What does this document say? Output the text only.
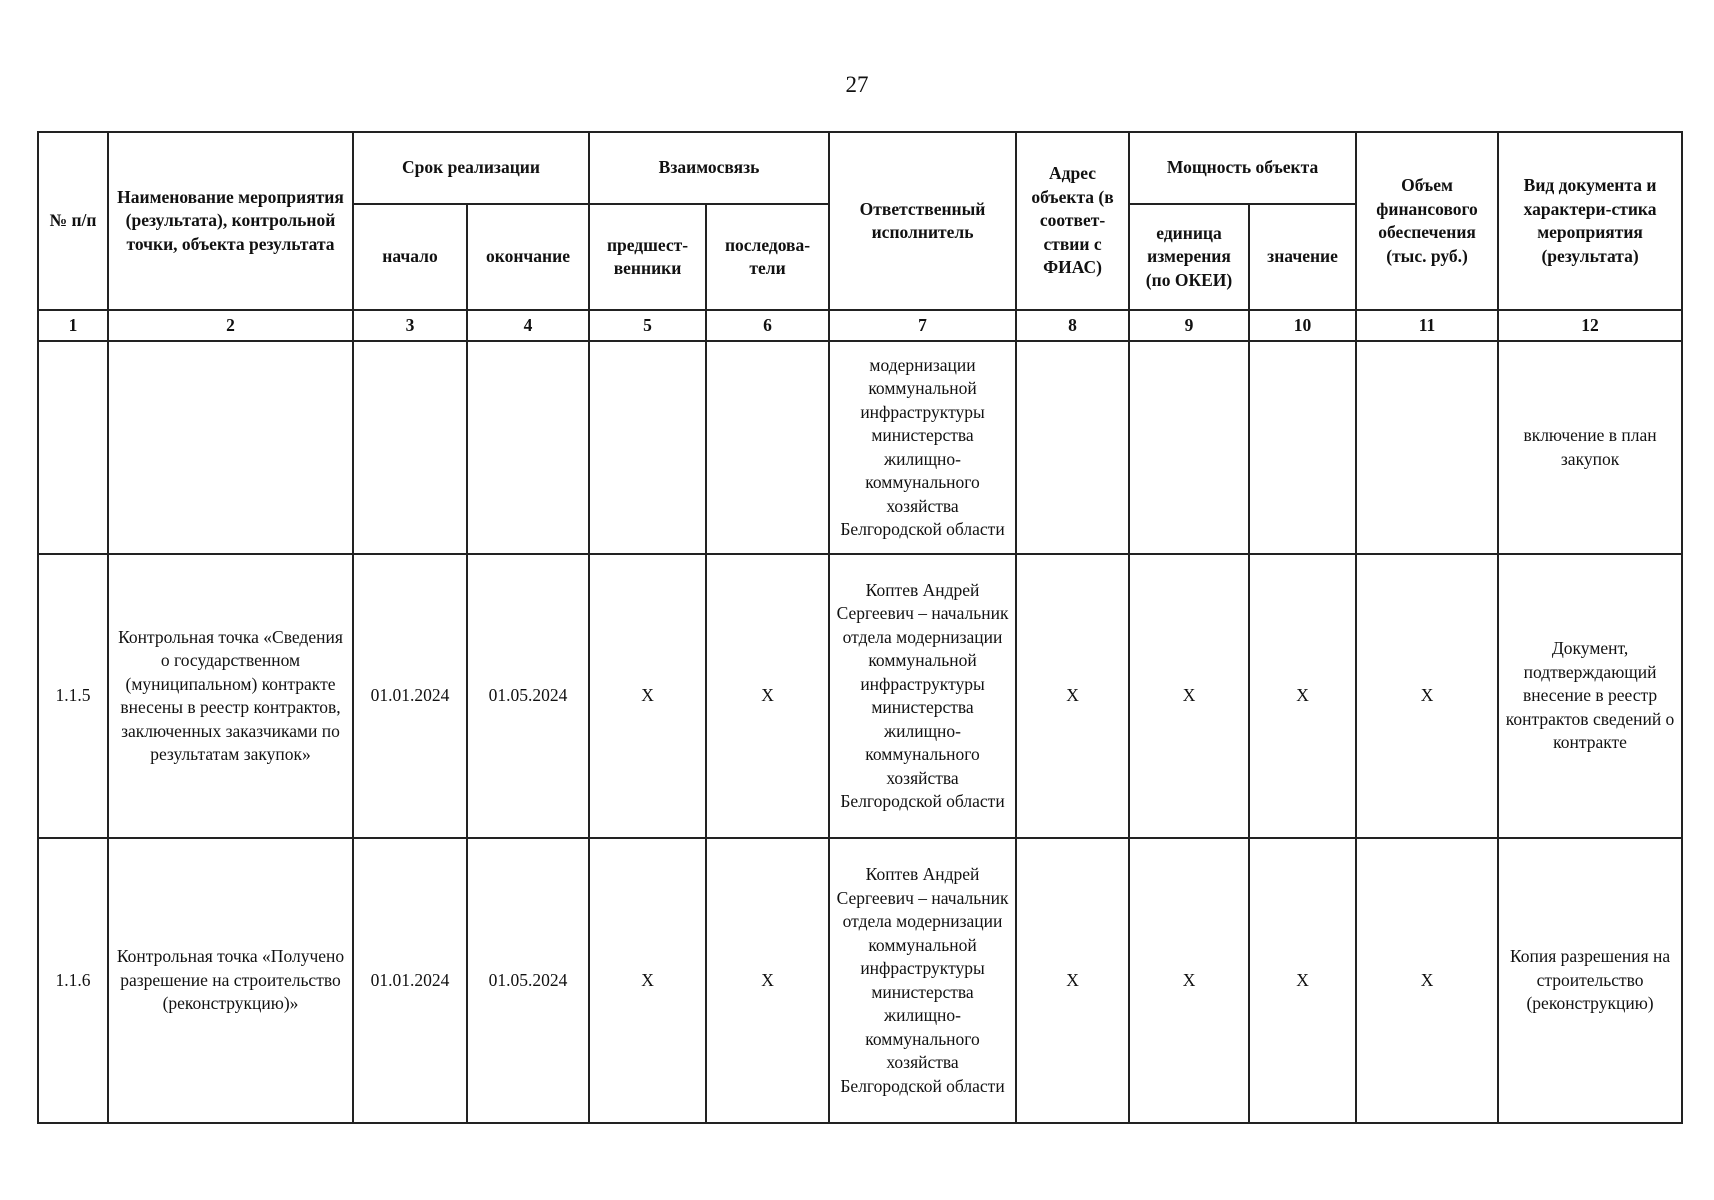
27
№ п/п	Наименование мероприятия (результата), контрольной точки, объекта результата	Срок реализации		Взаимосвязь		Ответственный исполнитель	Адрес объекта (в соответ-ствии с ФИАС)	Мощность объекта		Объем финансового обеспечения (тыс. руб.)	Вид документа и характери-стика мероприятия (результата)
		начало	окончание	предшест-венники	последова-тели			единица измерения (по ОКЕИ)	значение		
1	2	3	4	5	6	7	8	9	10	11	12
						модернизации коммунальной инфраструктуры министерства жилищно-коммунального хозяйства Белгородской области					включение в план закупок
1.1.5	Контрольная точка «Сведения о государственном (муниципальном) контракте внесены в реестр контрактов, заключенных заказчиками по результатам закупок»	01.01.2024	01.05.2024	X	X	Коптев Андрей Сергеевич – начальник отдела модернизации коммунальной инфраструктуры министерства жилищно-коммунального хозяйства Белгородской области	X	X	X	X	Документ, подтверждающий внесение в реестр контрактов сведений о контракте
1.1.6	Контрольная точка «Получено разрешение на строительство (реконструкцию)»	01.01.2024	01.05.2024	X	X	Коптев Андрей Сергеевич – начальник отдела модернизации коммунальной инфраструктуры министерства жилищно-коммунального хозяйства Белгородской области	X	X	X	X	Копия разрешения на строительство (реконструкцию)
